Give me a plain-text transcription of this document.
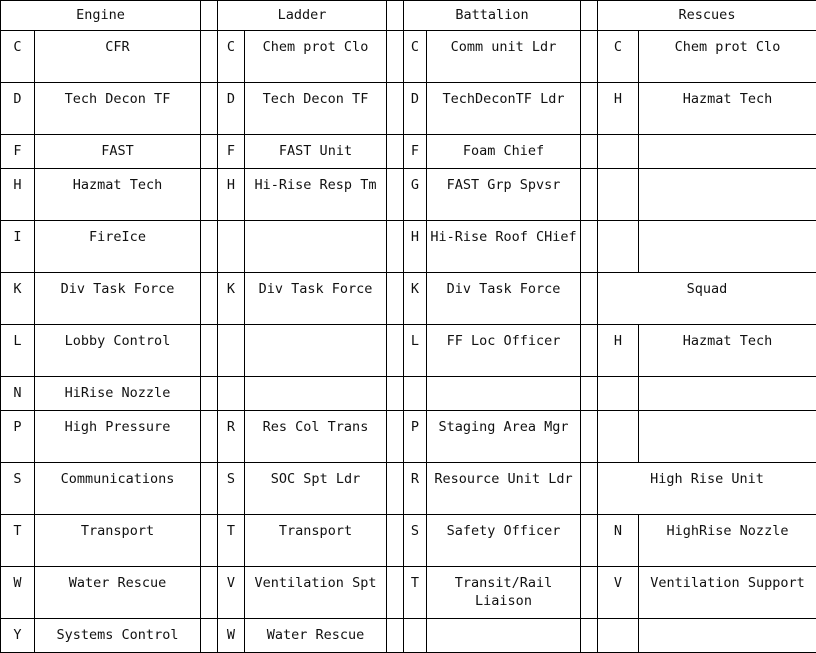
Engine			Ladder			Battalion			Rescues	
C	CFR		C	Chem prot Clo		C	Comm unit Ldr		C	Chem prot Clo
D	Tech Decon TF		D	Tech Decon TF		D	TechDeconTF Ldr		H	Hazmat Tech
F	FAST		F	FAST Unit		F	Foam Chief			
H	Hazmat Tech		H	Hi-Rise Resp Tm		G	FAST Grp Spvsr			
I	FireIce					H	Hi-Rise Roof CHief			
K	Div Task Force		K	Div Task Force		K	Div Task Force		Squad	
L	Lobby Control					L	FF Loc Officer		H	Hazmat Tech
N	HiRise Nozzle									
P	High Pressure		R	Res Col Trans		P	Staging Area Mgr			
S	Communications		S	SOC Spt Ldr		R	Resource Unit Ldr		High Rise Unit	
T	Transport		T	Transport		S	Safety Officer		N	HighRise Nozzle
W	Water Rescue		V	Ventilation Spt		T	Transit/Rail Liaison		V	Ventilation Support
Y	Systems Control		W	Water Rescue						
